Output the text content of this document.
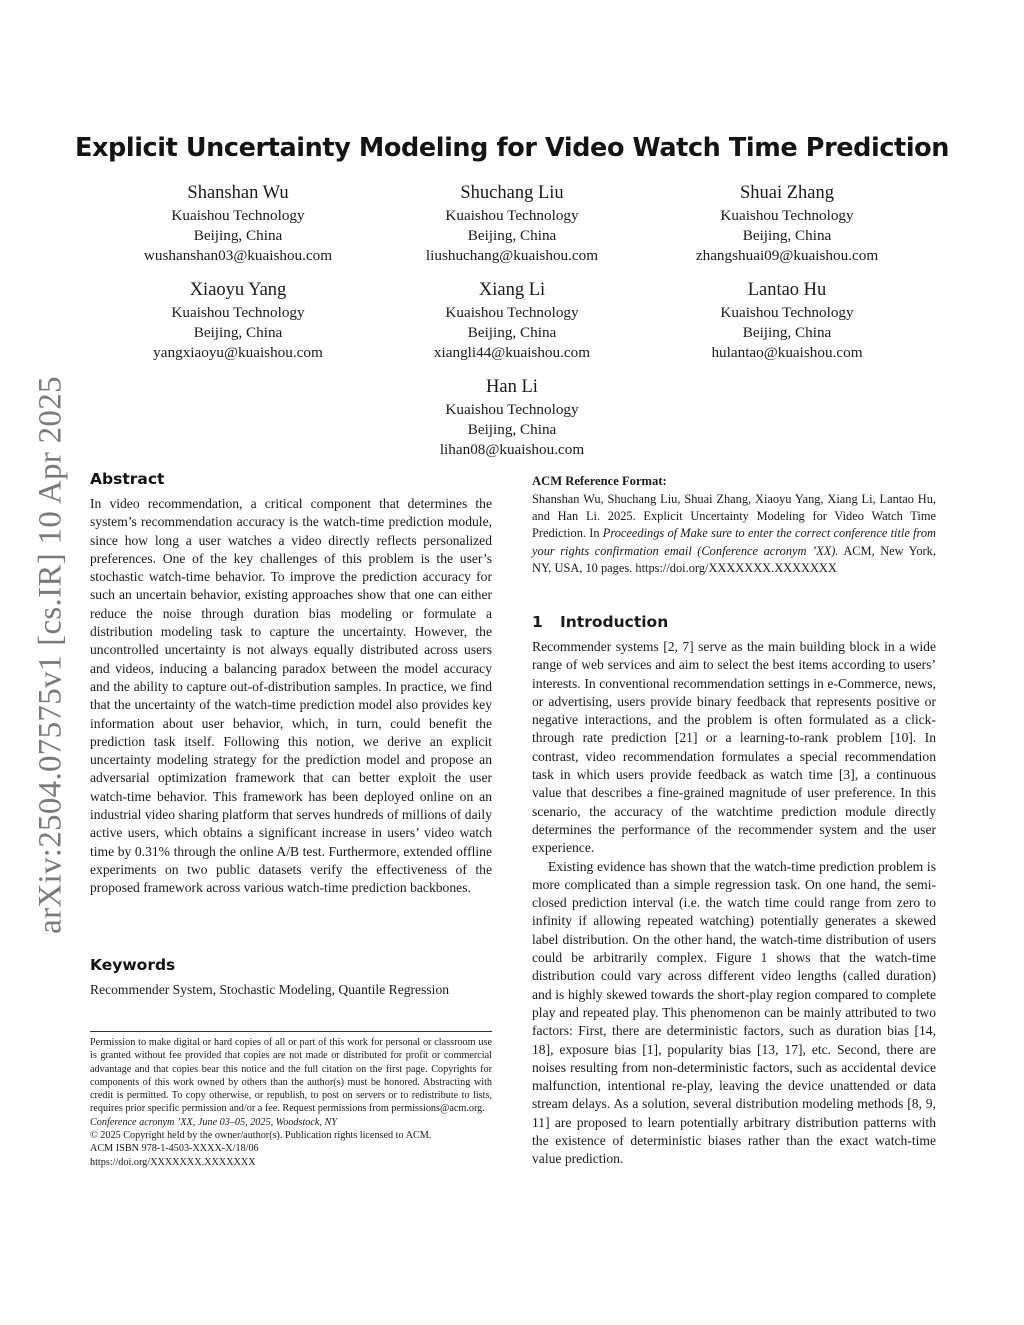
Explicit Uncertainty Modeling for Video Watch Time Prediction
Shanshan Wu
Kuaishou Technology
Beijing, China
wushanshan03@kuaishou.com
Shuchang Liu
Kuaishou Technology
Beijing, China
liushuchang@kuaishou.com
Shuai Zhang
Kuaishou Technology
Beijing, China
zhangshuai09@kuaishou.com
Xiaoyu Yang
Kuaishou Technology
Beijing, China
yangxiaoyu@kuaishou.com
Xiang Li
Kuaishou Technology
Beijing, China
xiangli44@kuaishou.com
Lantao Hu
Kuaishou Technology
Beijing, China
hulantao@kuaishou.com
Han Li
Kuaishou Technology
Beijing, China
lihan08@kuaishou.com
arXiv:2504.07575v1 [cs.IR] 10 Apr 2025 Abstract

In video recommendation, a critical component that determines the system’s recommendation accuracy is the watch-time prediction module, since how long a user watches a video directly reflects personalized preferences. One of the key challenges of this problem is the user’s stochastic watch-time behavior. To improve the prediction accuracy for such an uncertain behavior, existing approaches show that one can either reduce the noise through duration bias modeling or formulate a distribution modeling task to capture the uncertainty. However, the uncontrolled uncertainty is not always equally distributed across users and videos, inducing a balancing paradox between the model accuracy and the ability to capture out-of-distribution samples. In practice, we find that the uncertainty of the watch-time prediction model also provides key information about user behavior, which, in turn, could benefit the prediction task itself. Following this notion, we derive an explicit uncertainty modeling strategy for the prediction model and propose an adversarial optimization framework that can better exploit the user watch-time behavior. This framework has been deployed online on an industrial video sharing platform that serves hundreds of millions of daily active users, which obtains a significant increase in users’ video watch time by 0.31% through the online A/B test. Furthermore, extended offline experiments on two public datasets verify the effectiveness of the proposed framework across various watch-time prediction backbones.

Keywords
Recommender System, Stochastic Modeling, Quantile Regression
Permission to make digital or hard copies of all or part of this work for personal or classroom use is granted without fee provided that copies are not made or distributed for profit or commercial advantage and that copies bear this notice and the full citation on the first page. Copyrights for components of this work owned by others than the author(s) must be honored. Abstracting with credit is permitted. To copy otherwise, or republish, to post on servers or to redistribute to lists, requires prior specific permission and/or a fee. Request permissions from permissions@acm.org.
Conference acronym ’XX, June 03–05, 2025, Woodstock, NY
© 2025 Copyright held by the owner/author(s). Publication rights licensed to ACM.
ACM ISBN 978-1-4503-XXXX-X/18/06
https://doi.org/XXXXXXX.XXXXXXX
ACM Reference Format:
Shanshan Wu, Shuchang Liu, Shuai Zhang, Xiaoyu Yang, Xiang Li, Lantao Hu, and Han Li. 2025. Explicit Uncertainty Modeling for Video Watch Time Prediction. In Proceedings of Make sure to enter the correct conference title from your rights confirmation email (Conference acronym ’XX). ACM, New York, NY, USA, 10 pages. https://doi.org/XXXXXXX.XXXXXXX
1 Introduction

Recommender systems [2, 7] serve as the main building block in a wide range of web services and aim to select the best items according to users’ interests. In conventional recommendation settings in e-Commerce, news, or advertising, users provide binary feedback that represents positive or negative interactions, and the problem is often formulated as a click-through rate prediction [21] or a learning-to-rank problem [10]. In contrast, video recommendation formulates a special recommendation task in which users provide feedback as watch time [3], a continuous value that describes a fine-grained magnitude of user preference. In this scenario, the accuracy of the watchtime prediction module directly determines the performance of the recommender system and the user experience.

Existing evidence has shown that the watch-time prediction problem is more complicated than a simple regression task. On one hand, the semi-closed prediction interval (i.e. the watch time could range from zero to infinity if allowing repeated watching) potentially generates a skewed label distribution. On the other hand, the watch-time distribution of users could be arbitrarily complex. Figure 1 shows that the watch-time distribution could vary across different video lengths (called duration) and is highly skewed towards the short-play region compared to complete play and repeated play. This phenomenon can be mainly attributed to two factors: First, there are deterministic factors, such as duration bias [14, 18], exposure bias [1], popularity bias [13, 17], etc. Second, there are noises resulting from non-deterministic factors, such as accidental device malfunction, intentional re-play, leaving the device unattended or data stream delays. As a solution, several distribution modeling methods [8, 9, 11] are proposed to learn potentially arbitrary distribution patterns with the existence of deterministic biases rather than the exact watch-time value prediction.
